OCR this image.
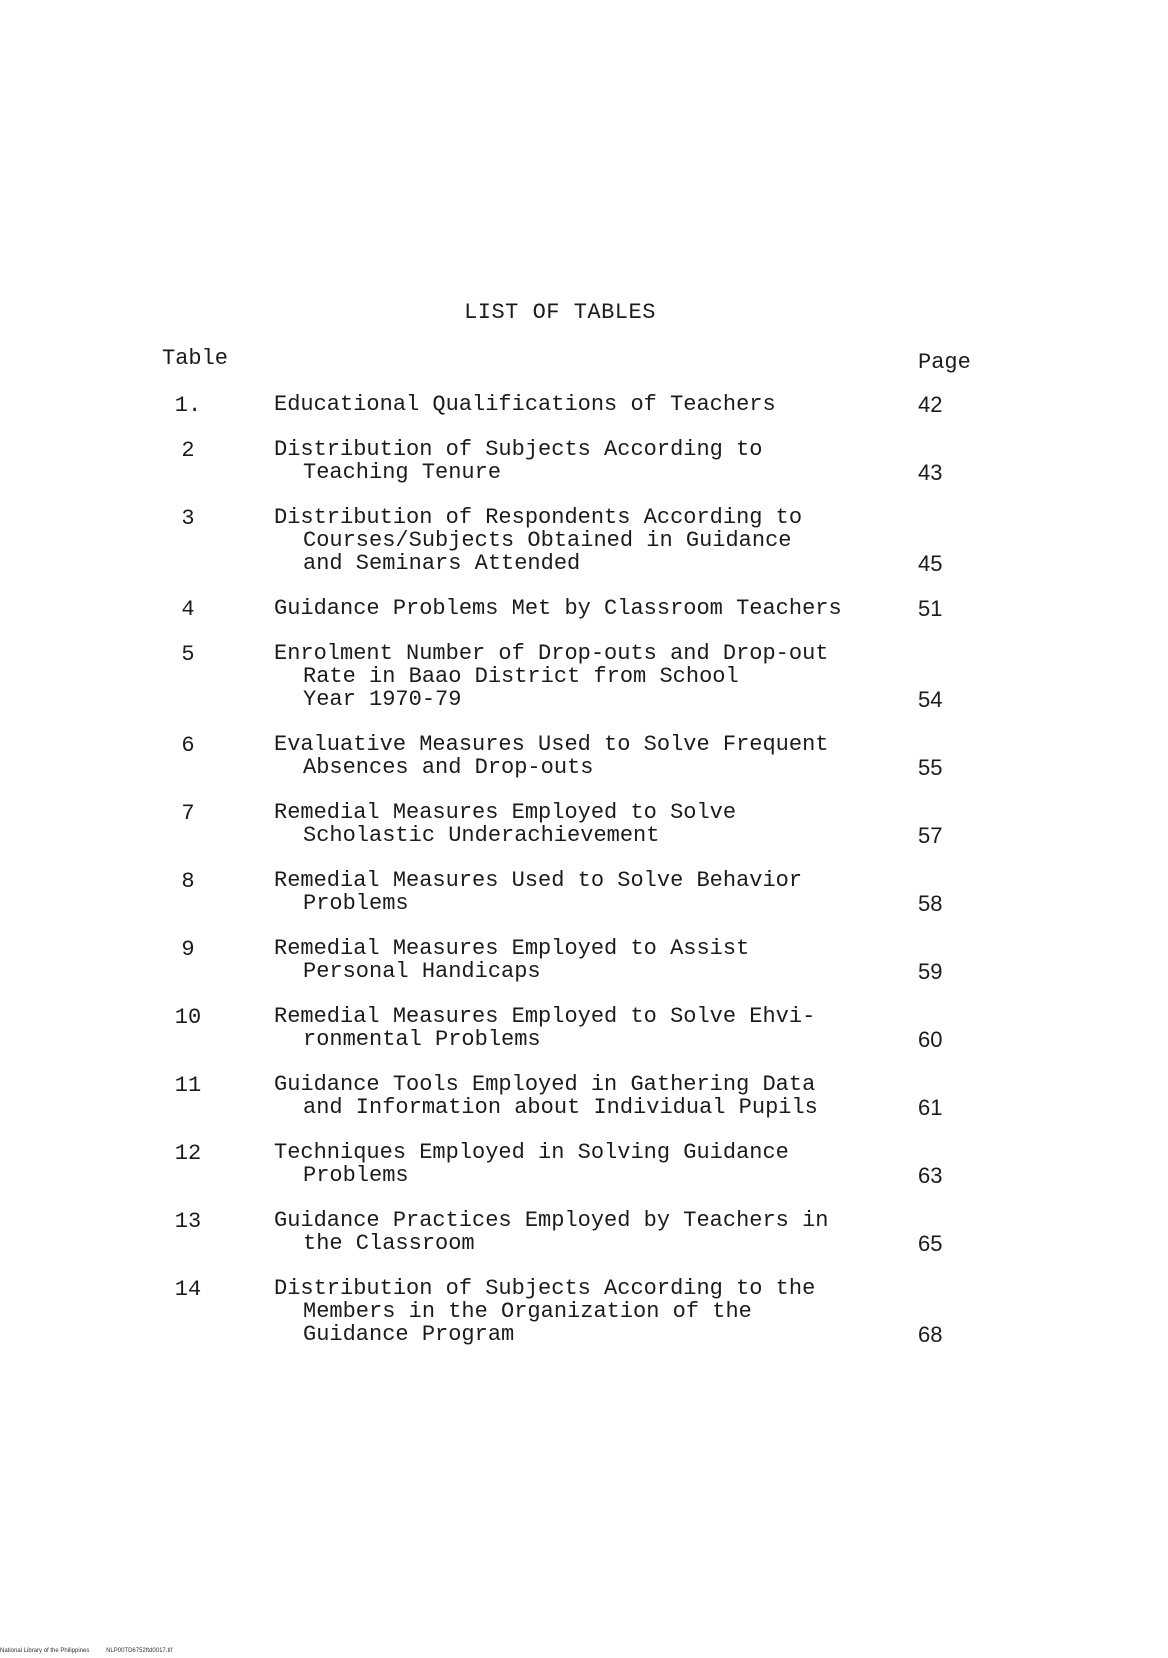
LIST OF TABLES
Table	Page
1.	Educational Qualifications of Teachers	42
2	Distribution of Subjects According to
Teaching Tenure	43
3	Distribution of Respondents According to
Courses/Subjects Obtained in Guidance
and Seminars Attended	45
4	Guidance Problems Met by Classroom Teachers	51
5	Enrolment Number of Drop-outs and Drop-out
Rate in Baao District from School
Year 1970-79	54
6	Evaluative Measures Used to Solve Frequent
Absences and Drop-outs	55
7	Remedial Measures Employed to Solve
Scholastic Underachievement	57
8	Remedial Measures Used to Solve Behavior
Problems	58
9	Remedial Measures Employed to Assist
Personal Handicaps	59
10	Remedial Measures Employed to Solve Ehvi-
ronmental Problems	60
11	Guidance Tools Employed in Gathering Data
and Information about Individual Pupils	61
12	Techniques Employed in Solving Guidance
Problems	63
13	Guidance Practices Employed by Teachers in
the Classroom	65
14	Distribution of Subjects According to the
Members in the Organization of the
Guidance Program	68
National Library of the Philippines	NLP00TD6752ftd0017.tif
